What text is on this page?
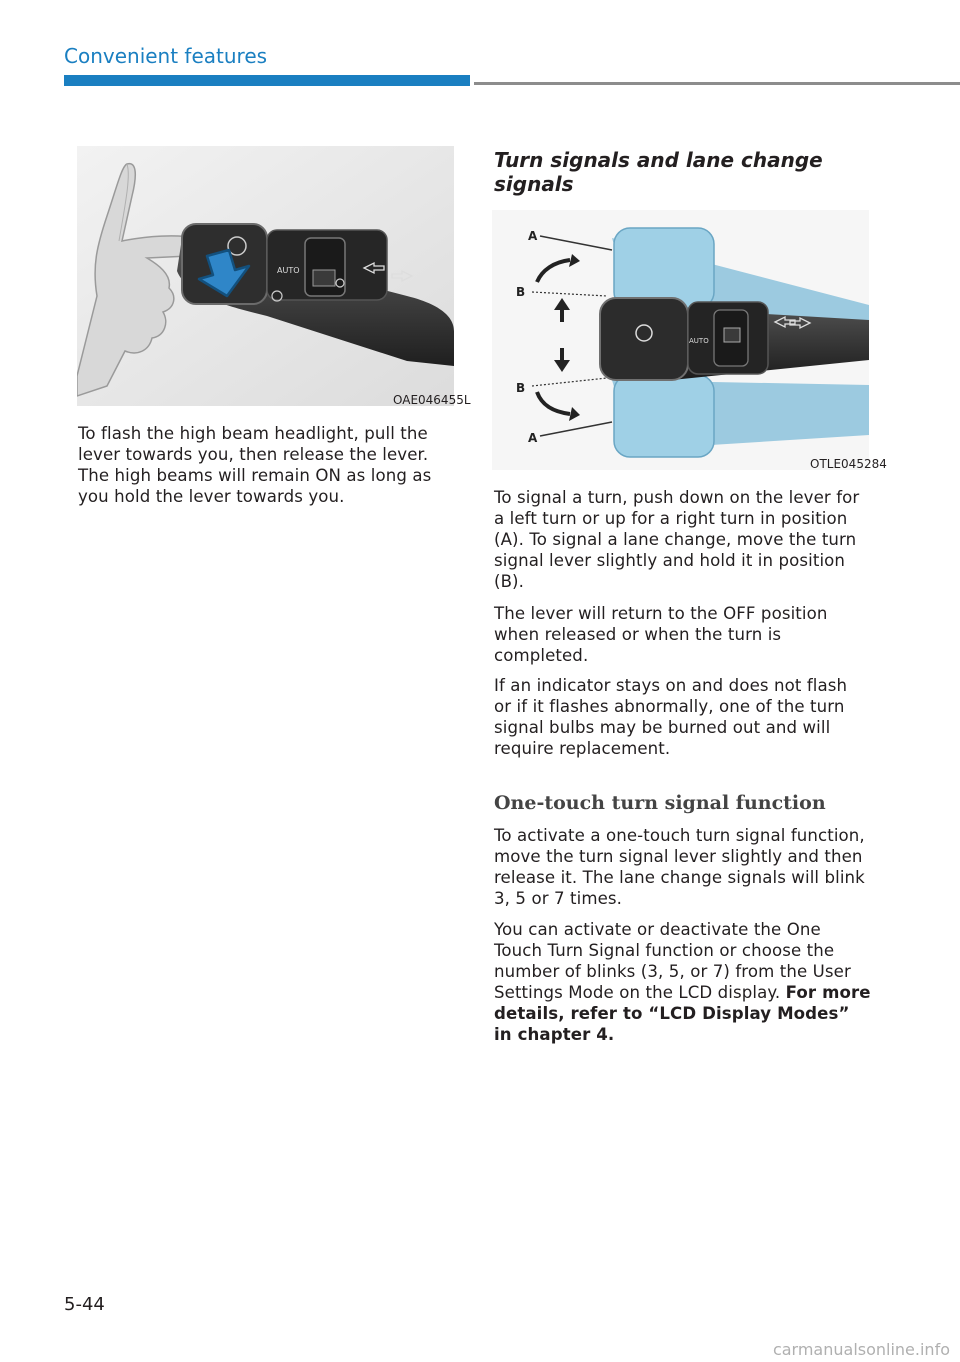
Convenient features
AUTO
OAE046455L

To flash the high beam headlight, pull the lever towards you, then release the lever. The high beams will remain ON as long as you hold the lever towards you.

Turn signals and lane change signals
AUTO
A
B
B
A
OTLE045284

To signal a turn, push down on the lever for a left turn or up for a right turn in position (A). To signal a lane change, move the turn signal lever slightly and hold it in position (B).

The lever will return to the OFF position when released or when the turn is completed.

If an indicator stays on and does not flash or if it flashes abnormally, one of the turn signal bulbs may be burned out and will require replacement.

One-touch turn signal function

To activate a one-touch turn signal function, move the turn signal lever slightly and then release it. The lane change signals will blink 3, 5 or 7 times.

You can activate or deactivate the One Touch Turn Signal function or choose the number of blinks (3, 5, or 7) from the User Settings Mode on the LCD display. For more details, refer to “LCD Display Modes” in chapter 4.

5-44
carmanualsonline.info
